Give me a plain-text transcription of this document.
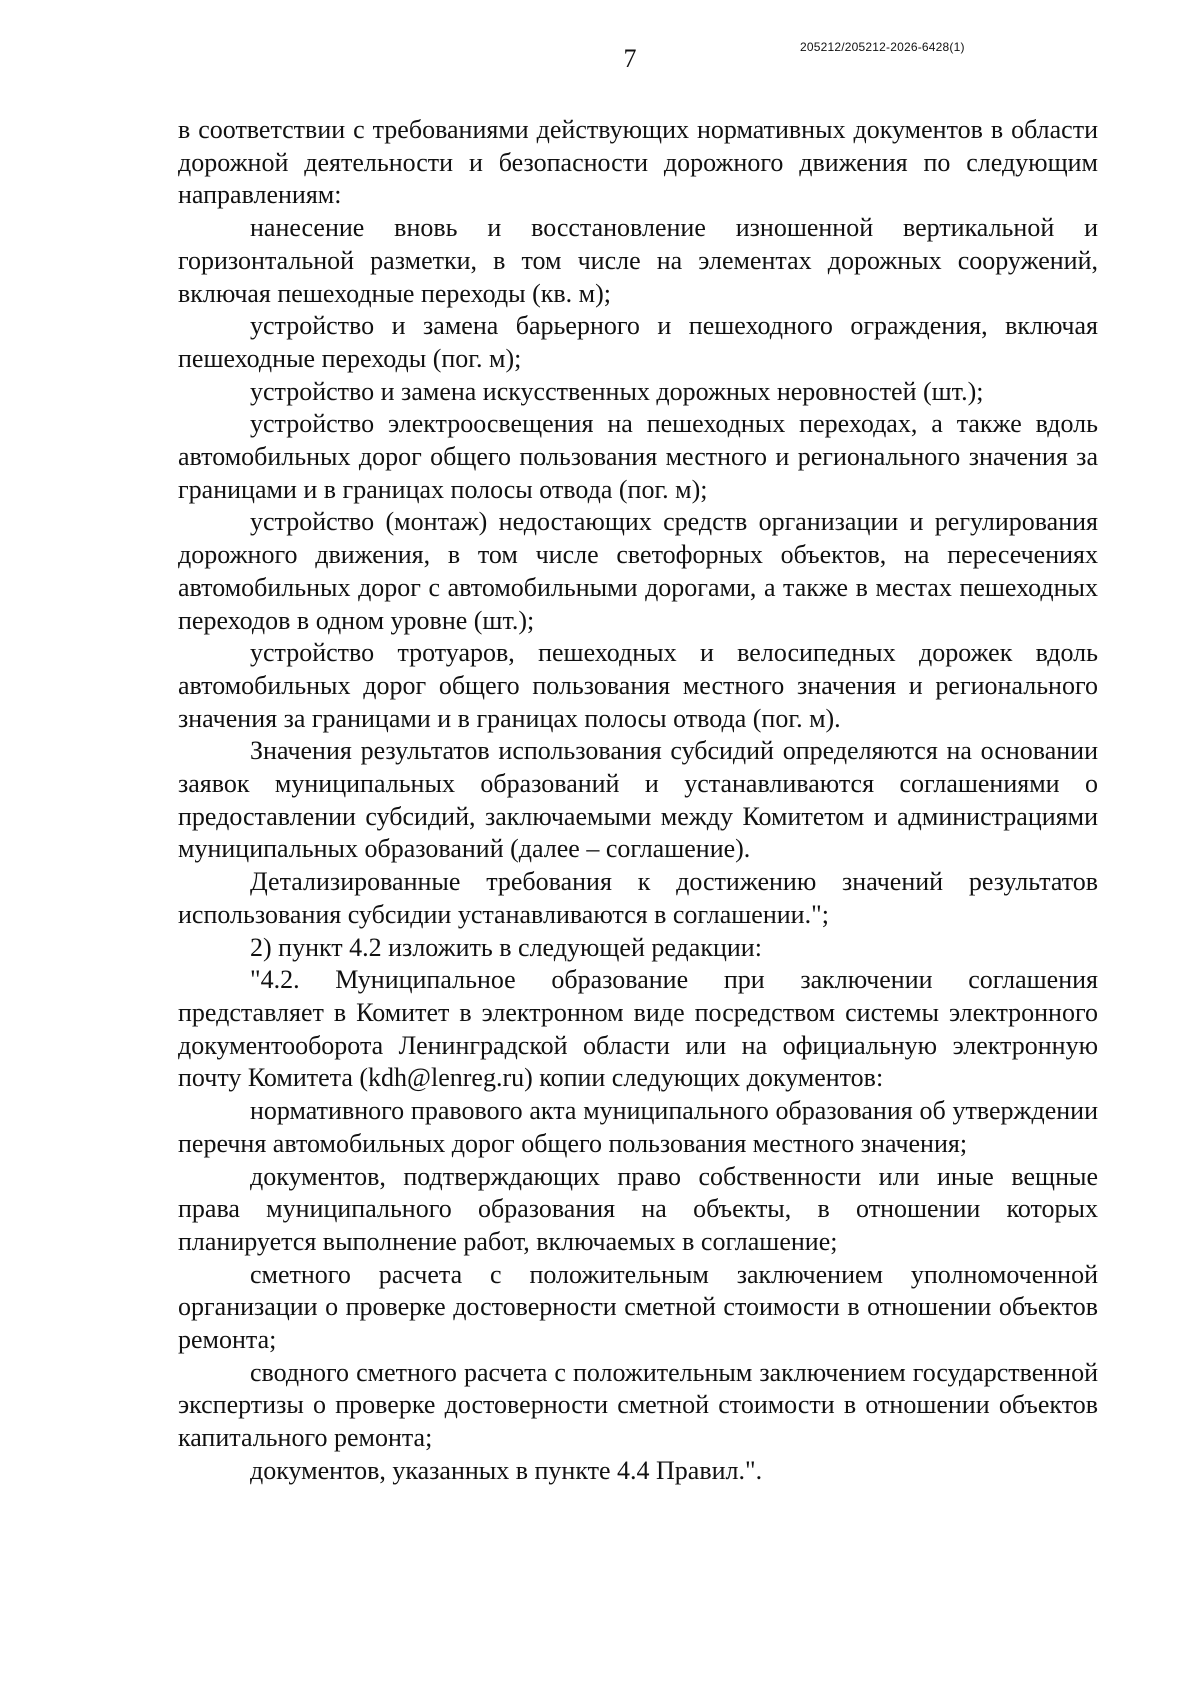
7	205212/205212-2026-6428(1)

в соответствии с требованиями действующих нормативных документов в области дорожной деятельности и безопасности дорожного движения по следующим направлениям:

нанесение вновь и восстановление изношенной вертикальной и горизонтальной разметки, в том числе на элементах дорожных сооружений, включая пешеходные переходы (кв. м);

устройство и замена барьерного и пешеходного ограждения, включая пешеходные переходы (пог. м);

устройство и замена искусственных дорожных неровностей (шт.);

устройство электроосвещения на пешеходных переходах, а также вдоль автомобильных дорог общего пользования местного и регионального значения за границами и в границах полосы отвода (пог. м);

устройство (монтаж) недостающих средств организации и регулирования дорожного движения, в том числе светофорных объектов, на пересечениях автомобильных дорог с автомобильными дорогами, а также в местах пешеходных переходов в одном уровне (шт.);

устройство тротуаров, пешеходных и велосипедных дорожек вдоль автомобильных дорог общего пользования местного значения и регионального значения за границами и в границах полосы отвода (пог. м).

Значения результатов использования субсидий определяются на основании заявок муниципальных образований и устанавливаются соглашениями о предоставлении субсидий, заключаемыми между Комитетом и администрациями муниципальных образований (далее – соглашение).

Детализированные требования к достижению значений результатов использования субсидии устанавливаются в соглашении.";

2) пункт 4.2 изложить в следующей редакции:

"4.2. Муниципальное образование при заключении соглашения представляет в Комитет в электронном виде посредством системы электронного документооборота Ленинградской области или на официальную электронную почту Комитета (kdh@lenreg.ru) копии следующих документов:

нормативного правового акта муниципального образования об утверждении перечня автомобильных дорог общего пользования местного значения;

документов, подтверждающих право собственности или иные вещные права муниципального образования на объекты, в отношении которых планируется выполнение работ, включаемых в соглашение;

сметного расчета с положительным заключением уполномоченной организации о проверке достоверности сметной стоимости в отношении объектов ремонта;

сводного сметного расчета с положительным заключением государственной экспертизы о проверке достоверности сметной стоимости в отношении объектов капитального ремонта;

документов, указанных в пункте 4.4 Правил.".
